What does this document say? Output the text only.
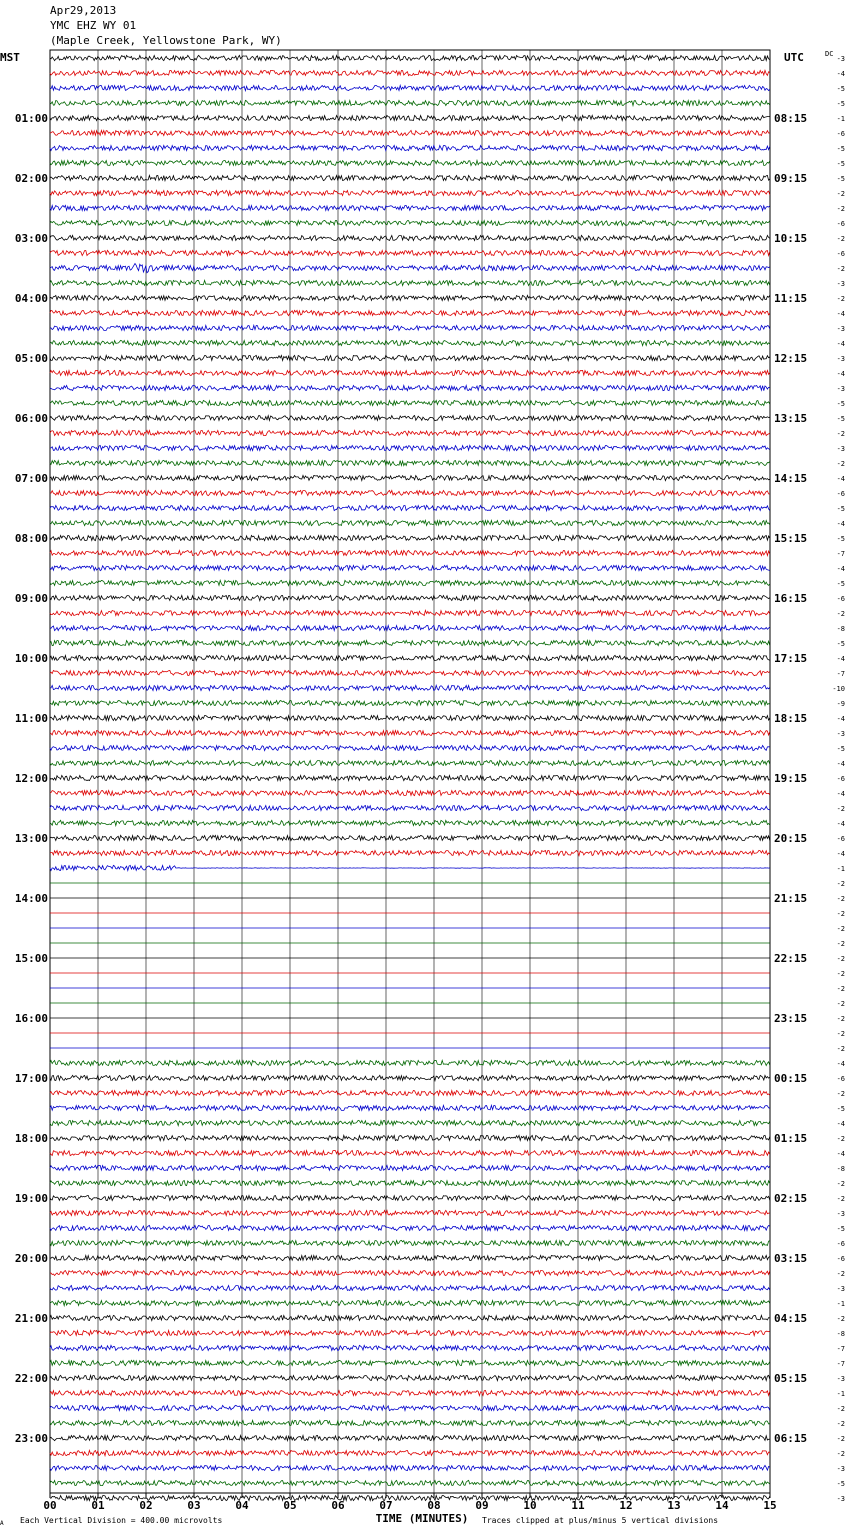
Apr29,2013
YMC EHZ WY 01
(Maple Creek, Yellowstone Park, WY)
-3
-4
-5
-5
-1
-6
-5
-5
-5
-2
-2
-6
-2
-6
-2
-3
-2
-4
-3
-4
-3
-4
-3
-5
-5
-2
-3
-2
-4
-6
-5
-4
-5
-7
-4
-5
-6
-2
-8
-5
-4
-7
-10
-9
-4
-3
-5
-4
-6
-4
-2
-4
-6
-4
-1
-2
-2
-2
-2
-2
-2
-2
-2
-2
-2
-2
-2
-4
-6
-2
-5
-4
-2
-4
-8
-2
-2
-3
-5
-6
-6
-2
-3
-1
-2
-8
-7
-7
-3
-1
-2
-2
-2
-2
-3
-5
-3
01:00
02:00
03:00
04:00
05:00
06:00
07:00
08:00
09:00
10:00
11:00
12:00
13:00
14:00
15:00
16:00
17:00
18:00
19:00
20:00
21:00
22:00
23:00
08:15
09:15
10:15
11:15
12:15
13:15
14:15
15:15
16:15
17:15
18:15
19:15
20:15
21:15
22:15
23:15
00:15
01:15
02:15
03:15
04:15
05:15
06:15
MST	UTC	DC
00	01	02	03	04	05	06	07	08	09	10	11	12	13	14	15
TIME (MINUTES)
Each Vertical Division = 400.00 microvolts	Traces clipped at plus/minus 5 vertical divisions
A
